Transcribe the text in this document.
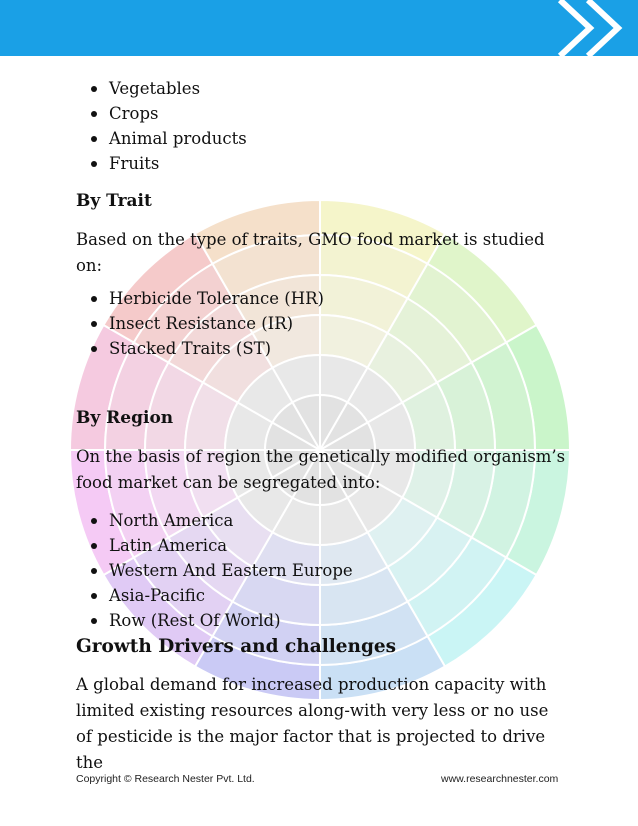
Vegetables
Crops
Animal products
Fruits
By Trait
Based on the type of traits, GMO food market is studied on:
Herbicide Tolerance (HR)
Insect Resistance (IR)
Stacked Traits (ST)
By Region
On the basis of region the genetically modified organism’s food market can be segregated into:
North America
Latin America
Western And Eastern Europe
Asia-Pacific
Row (Rest Of World)
Growth Drivers and challenges
A global demand for increased production capacity with limited existing resources along-with very less or no use of pesticide is the major factor that is projected to drive the
Copyright © Research Nester Pvt. Ltd.	www.researchnester.com
